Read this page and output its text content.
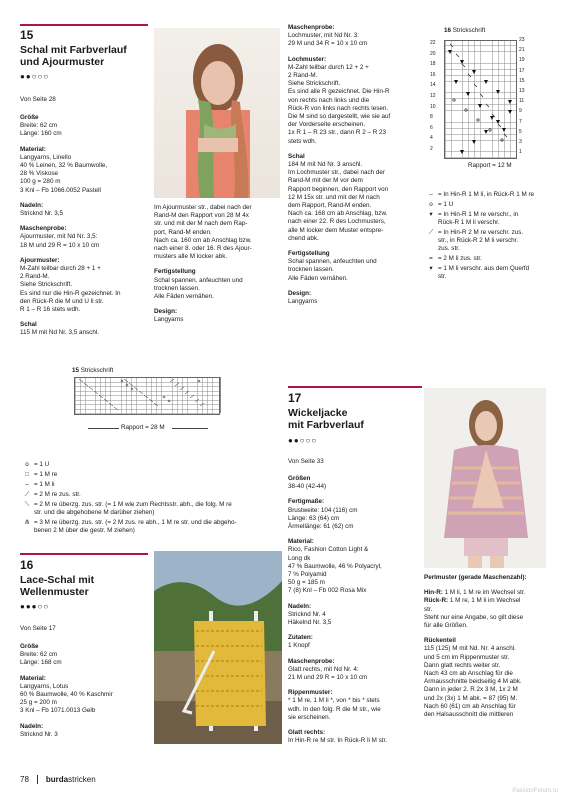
15
Schal mit Farbverlauf
und Ajourmuster
●●○○○
Von Seite 28
Größe
Breite: 62 cm
Länge: 160 cm
Material:
Langyarns, Linello
40 % Leinen, 32 % Baumwolle,
28 % Viskose
100 g = 280 m
3 Knl – Fb 1066.0052 Pastell
Nadeln:
Stricknd Nr. 3,5
Maschenprobe:
Ajourmuster, mit Nd Nr. 3,5:
18 M und 29 R = 10 x 10 cm
Ajourmuster:
M-Zahl teilbar durch 28 + 1 +
2 Rand-M.
Siehe Strickschrift.
Es sind nur die Hin-R gezeichnet. In
den Rück-R die M und U li str.
R 1 – R 16 stets wdh.
Schal
115 M mit Nd Nr. 3,5 anschl.
Im Ajourmuster str., dabei nach der
Rand-M den Rapport von 28 M 4x
str. und mit der M nach dem Rap-
port, Rand-M enden.
Nach ca. 160 cm ab Anschlag bzw.
nach einer 8. oder 16. R des Ajour-
musters alle M locker abk.
Fertigstellung
Schal spannen, anfeuchten und
trocknen lassen.
Alle Fäden vernähen.
Design:
Langyarns
Maschenprobe:
Lochmuster, mit Nd Nr. 3:
29 M und 34 R = 10 x 10 cm
Lochmuster:
M-Zahl teilbar durch 12 + 2 +
2 Rand-M.
Siehe Strickschrift.
Es sind alle R gezeichnet. Die Hin-R
von rechts nach links und die
Rück-R von links nach rechts lesen.
Die M sind so dargestellt, wie sie auf
der Vorderseite erscheinen.
1x R 1 – R 23 str., dann R 2 – R 23
stets wdh.
Schal
184 M mit Nd Nr. 3 anschl.
Im Lochmuster str., dabei nach der
Rand-M mit der M vor dem
Rapport beginnen, den Rapport von
12 M 15x str. und mit der M nach
dem Rapport, Rand-M enden.
Nach ca. 168 cm ab Anschlag, bzw.
nach einer 22. R des Lochmusters,
alle M locker dem Muster entspre-
chend abk.
Fertigstellung
Schal spannen, anfeuchten und
trocknen lassen.
Alle Fäden vernähen.
Design:
Langyarns
16 Strickschrift
22
20
18
16
14
12
10
8
6
4
2
23
21
19
17
15
13
11
9
7
5
3
1
Rapport = 12 M
– = In Hin-R 1 M li, in Rück-R 1 M re
o = 1 U
▾ = In Hin-R 1 M re verschr., in
Rück-R 1 M li verschr.
⟋ = In Hin-R 2 M re verschr. zus.
str., in Rück-R 2 M li verschr.
zus. str.
= = 2 M li zus. str.
▾ = 1 M li verschr. aus dem Querfd
str.
15 Strickschrift
Rapport = 28 M
o = 1 U
□ = 1 M re
– = 1 M li
⟋ = 2 M re zus. str.
⟍ = 2 M re überzg. zus. str. (= 1 M wie zum Rechtsstr. abh., die folg. M re
str. und die abgehobene M darüber ziehen)
⋔ = 3 M re überzg. zus. str. (= 2 M zus. re abh., 1 M re str. und die abgeho-
benen 2 M über die gestr. M ziehen)
16
Lace-Schal mit
Wellenmuster
●●●○○
Von Seite 17
Größe
Breite: 62 cm
Länge: 168 cm
Material:
Langyarns, Lotus
60 % Baumwolle, 40 % Kaschmir
25 g = 200 m
3 Knl – Fb 1071.0013 Gelb
Nadeln:
Stricknd Nr. 3
17
Wickeljacke
mit Farbverlauf
●●○○○
Von Seite 33
Größen
38-40 (42-44)
Fertigmaße:
Brustweite: 104 (116) cm
Länge: 63 (64) cm
Ärmellänge: 61 (62) cm
Material:
Rico, Fashion Cotton Light &
Long dk
47 % Baumwolle, 46 % Polyacryl,
7 % Polyamid
50 g = 185 m
7 (8) Knl – Fb 002 Rosa Mix
Nadeln:
Stricknd Nr. 4
Häkelnd Nr. 3,5
Zutaten:
1 Knopf
Maschenprobe:
Glatt rechts, mit Nd Nr. 4:
21 M und 29 R = 10 x 10 cm
Rippenmuster:
* 1 M re, 1 M li *, von * bis * stets
wdh. In den folg. R die M str., wie
sie erscheinen.
Glatt rechts:
In Hin-R re M str. In Rück-R li M str.
Perlmuster (gerade Maschenzahl):
Hin-R: 1 M li, 1 M re im Wechsel str.
Rück-R: 1 M re, 1 M li im Wechsel
str.
Steht nur eine Angabe, so gilt diese
für alle Größen.
Rückenteil
115 (125) M mit Nd. Nr. 4 anschl.
und 5 cm im Rippenmuster str.
Dann glatt rechts weiter str.
Nach 43 cm ab Anschlag für die
Armausschnitte beidseitig 4 M abk.
Dann in jeder 2. R 2x 3 M, 1x 2 M
und 2x (3x) 1 M abk. = 87 (95) M.
Nach 60 (61) cm ab Anschlag für
den Halsausschnitt die mittleren
78 burdastricken
PassionForum.ru
